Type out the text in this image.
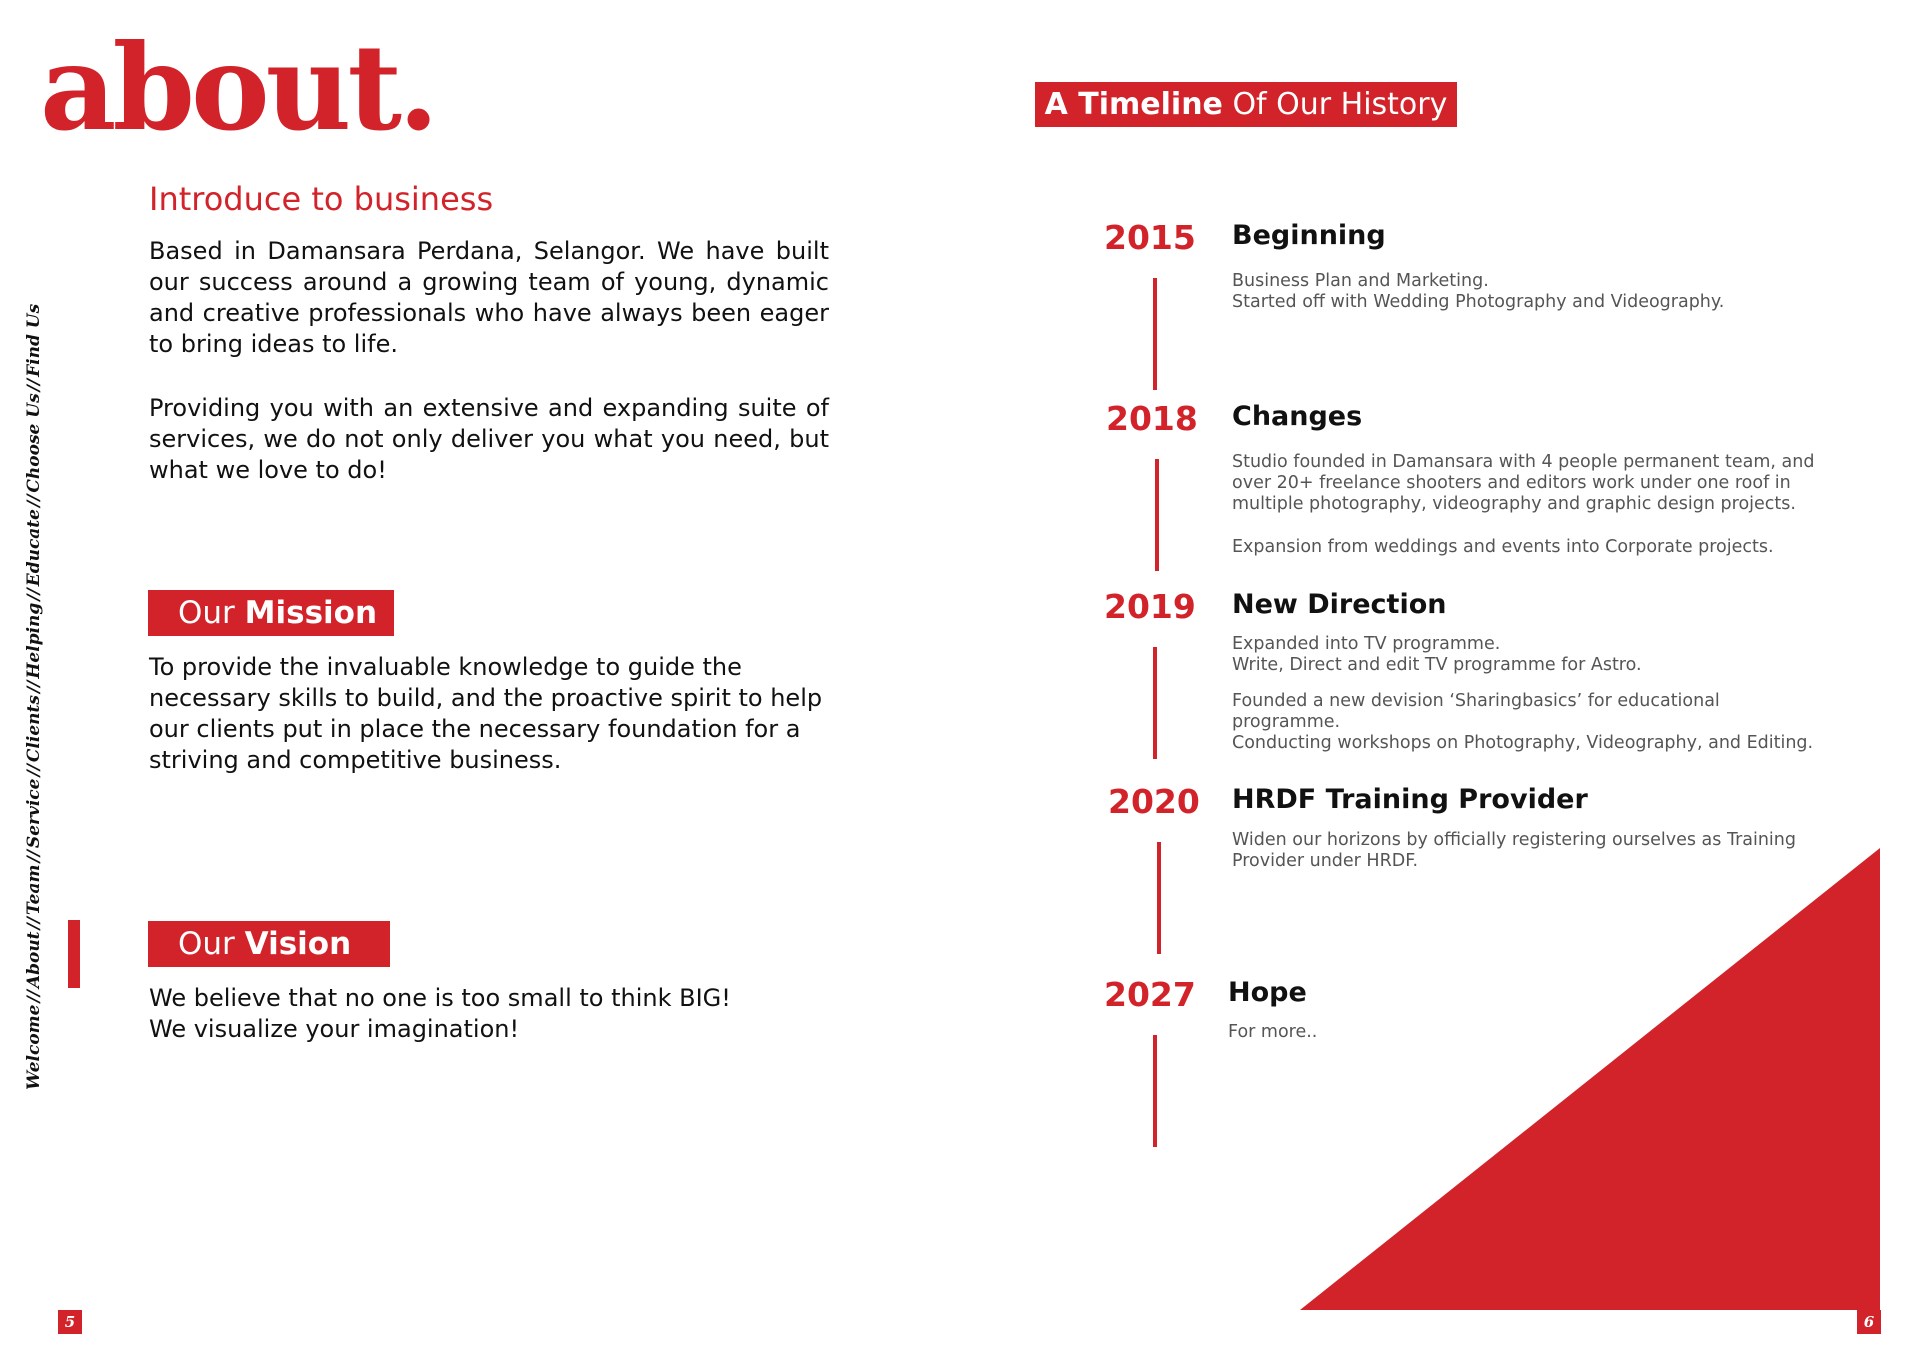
about.
Welcome//About//Team//Service//Clients//Helping//Educate//Choose Us//Find Us
Introduce to business

Based in Damansara Perdana, Selangor. We have built our success around a growing team of young, dynamic and creative professionals who have always been eager to bring ideas to life.

Providing you with an extensive and expanding suite of services, we do not only deliver you what you need, but what we love to do!

Our Mission

To provide the invaluable knowledge to guide the necessary skills to build, and the proactive spirit to help our clients put in place the necessary foundation for a striving and competitive business.

Our Vision

We believe that no one is too small to think BIG!

We visualize your imagination!

5
A Timeline Of Our History

2015 Beginning

Business Plan and Marketing.
Started off with Wedding Photography and Videography.

2018 Changes

Studio founded in Damansara with 4 people permanent team, and
over 20+ freelance shooters and editors work under one roof in
multiple photography, videography and graphic design projects.

Expansion from weddings and events into Corporate projects.

2019 New Direction

Expanded into TV programme.
Write, Direct and edit TV programme for Astro.

Founded a new devision ‘Sharingbasics’ for educational programme.

Conducting workshops on Photography, Videography, and Editing.

2020 HRDF Training Provider

Widen our horizons by officially registering ourselves as Training
Provider under HRDF.

2027 Hope

For more..

6
